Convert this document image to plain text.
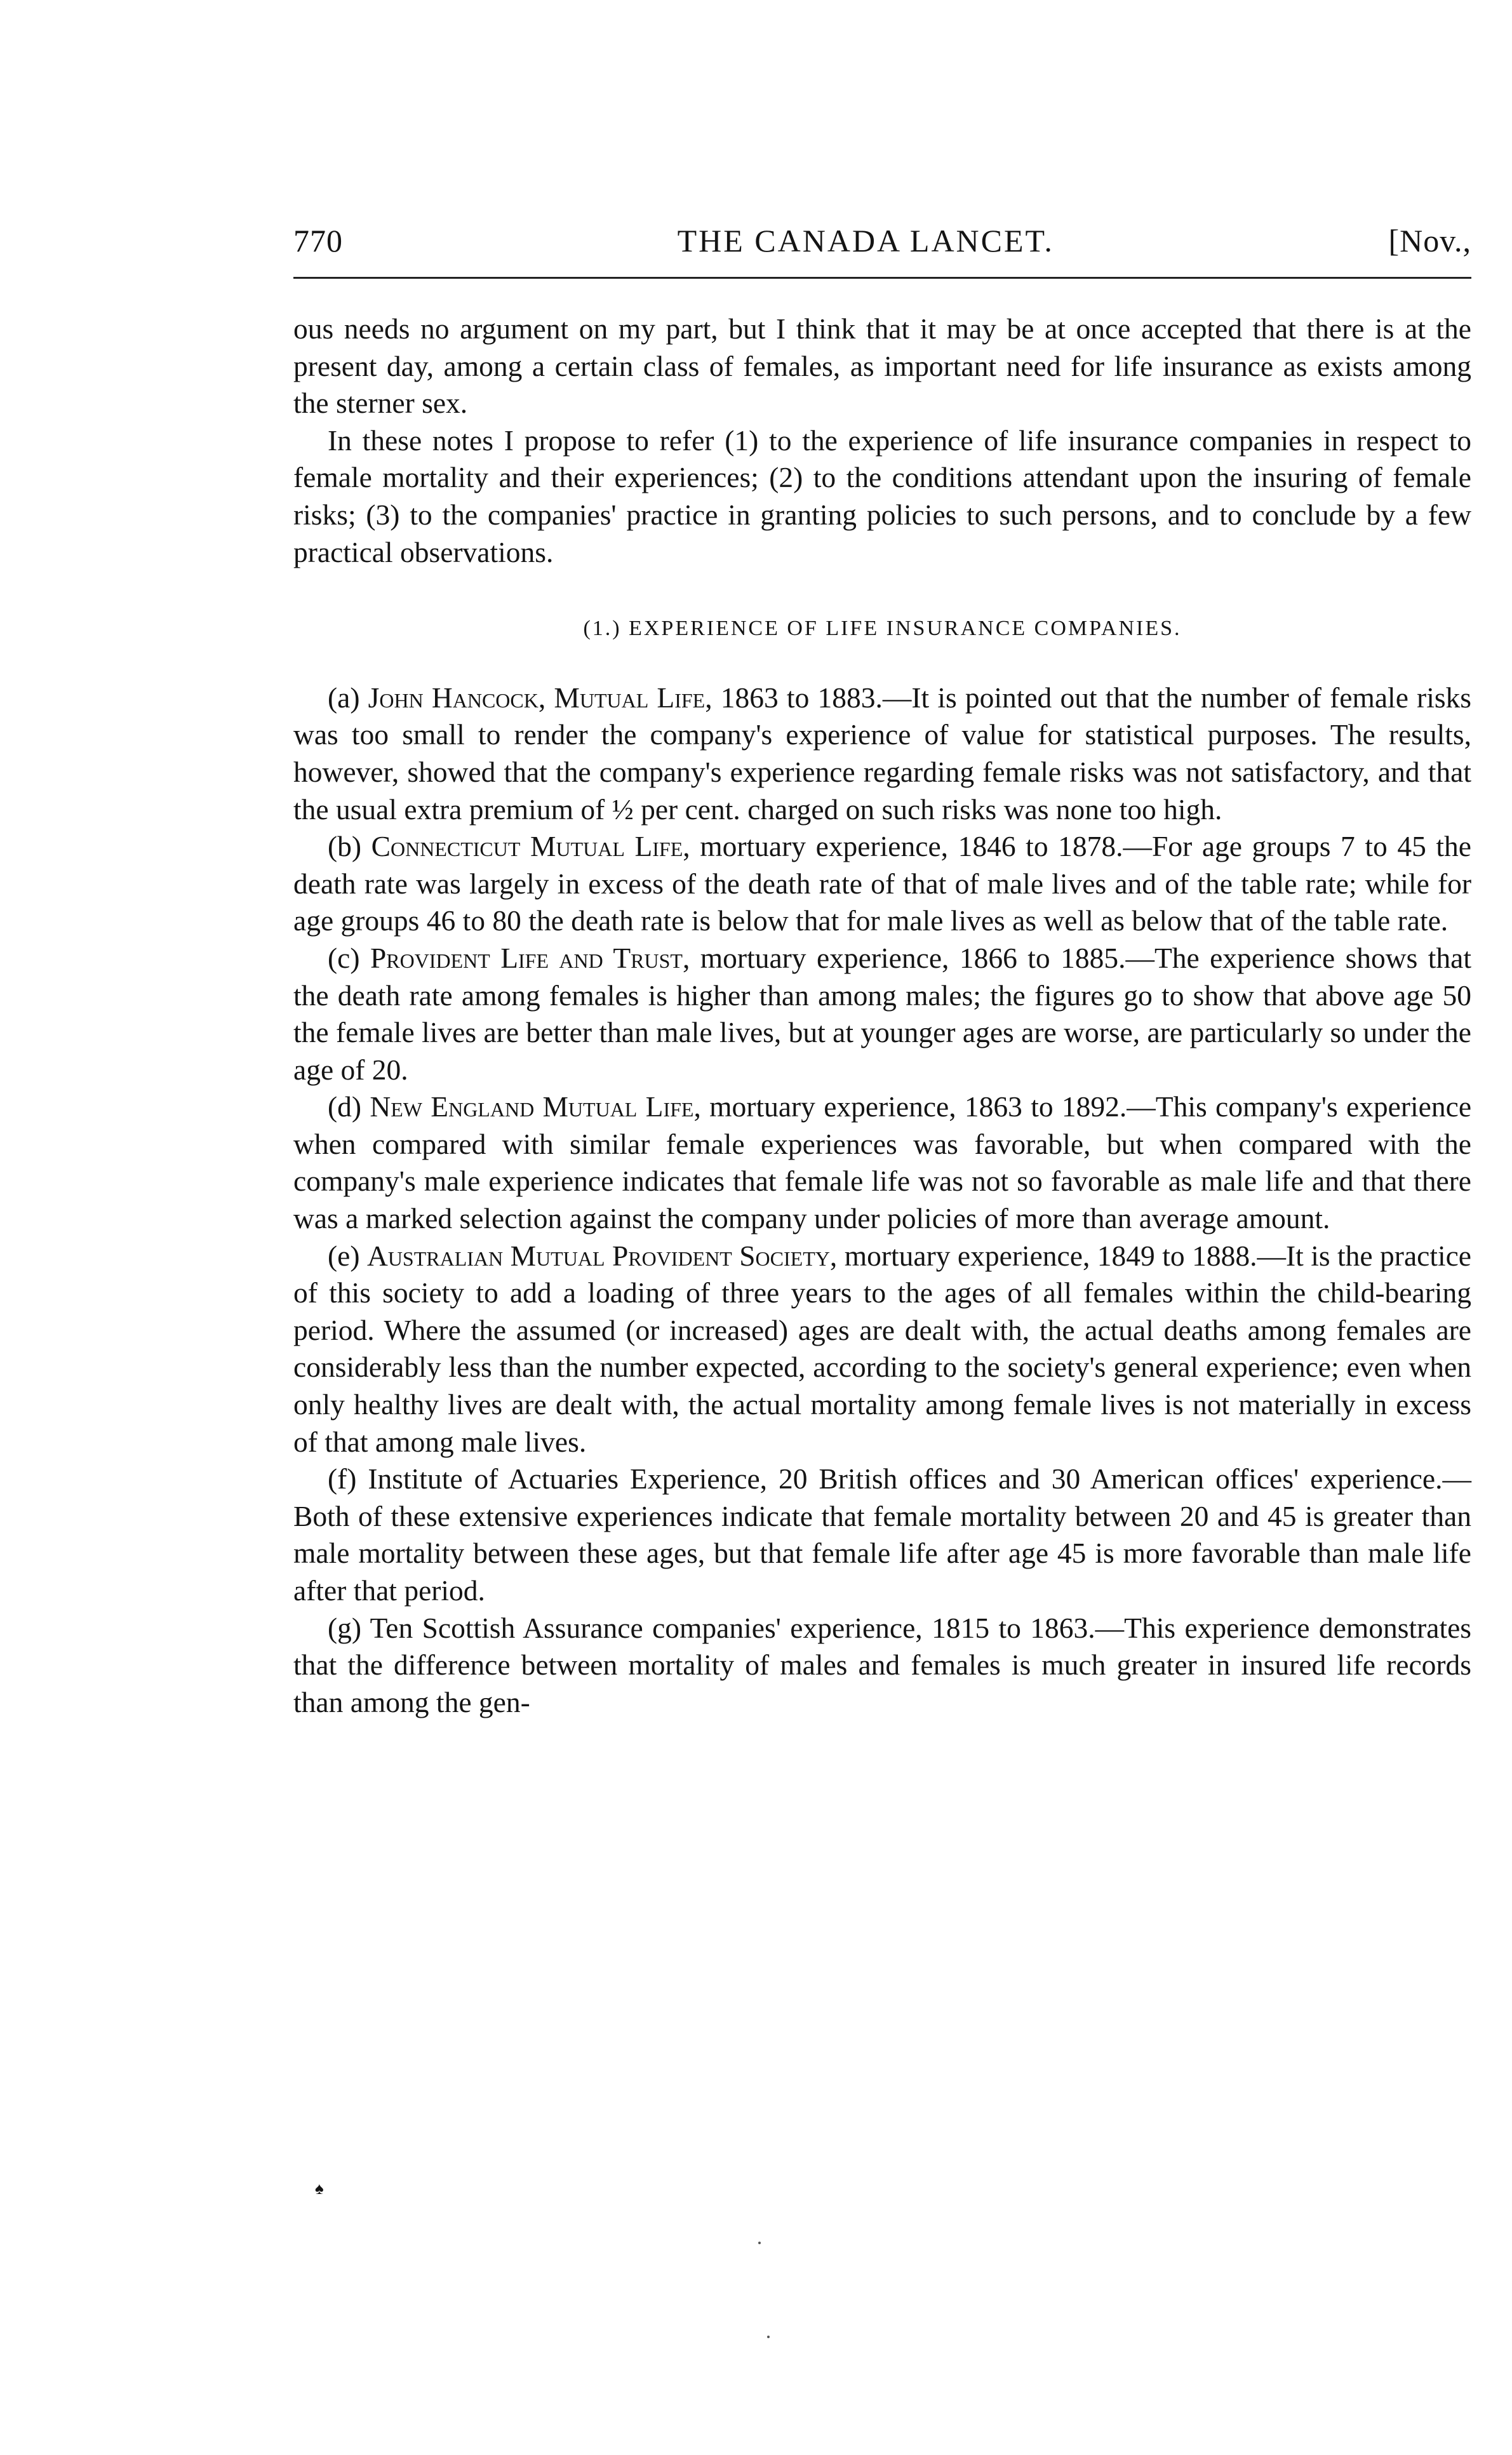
770	THE CANADA LANCET.	[Nov.,

ous needs no argument on my part, but I think that it may be at once accepted that there is at the present day, among a certain class of females, as important need for life insurance as exists among the sterner sex.

In these notes I propose to refer (1) to the experience of life insurance companies in respect to female mortality and their experiences; (2) to the conditions attendant upon the insuring of female risks; (3) to the companies' practice in granting policies to such persons, and to conclude by a few practical observations.

(1.) EXPERIENCE OF LIFE INSURANCE COMPANIES.

(a) John Hancock, Mutual Life, 1863 to 1883.—It is pointed out that the number of female risks was too small to render the company's experience of value for statistical purposes. The results, however, showed that the company's experience regarding female risks was not satisfactory, and that the usual extra premium of ½ per cent. charged on such risks was none too high.

(b) Connecticut Mutual Life, mortuary experience, 1846 to 1878.—For age groups 7 to 45 the death rate was largely in excess of the death rate of that of male lives and of the table rate; while for age groups 46 to 80 the death rate is below that for male lives as well as below that of the table rate.

(c) Provident Life and Trust, mortuary experience, 1866 to 1885.—The experience shows that the death rate among females is higher than among males; the figures go to show that above age 50 the female lives are better than male lives, but at younger ages are worse, are particularly so under the age of 20.

(d) New England Mutual Life, mortuary experience, 1863 to 1892.—This company's experience when compared with similar female experiences was favorable, but when compared with the company's male experience indicates that female life was not so favorable as male life and that there was a marked selection against the company under policies of more than average amount.

(e) Australian Mutual Provident Society, mortuary experience, 1849 to 1888.—It is the practice of this society to add a loading of three years to the ages of all females within the child-bearing period. Where the assumed (or increased) ages are dealt with, the actual deaths among females are considerably less than the number expected, according to the society's general experience; even when only healthy lives are dealt with, the actual mortality among female lives is not materially in excess of that among male lives.

(f) Institute of Actuaries Experience, 20 British offices and 30 American offices' experience.—Both of these extensive experiences indicate that female mortality between 20 and 45 is greater than male mortality between these ages, but that female life after age 45 is more favorable than male life after that period.

(g) Ten Scottish Assurance companies' experience, 1815 to 1863.—This experience demonstrates that the difference between mortality of males and females is much greater in insured life records than among the gen-

♠
